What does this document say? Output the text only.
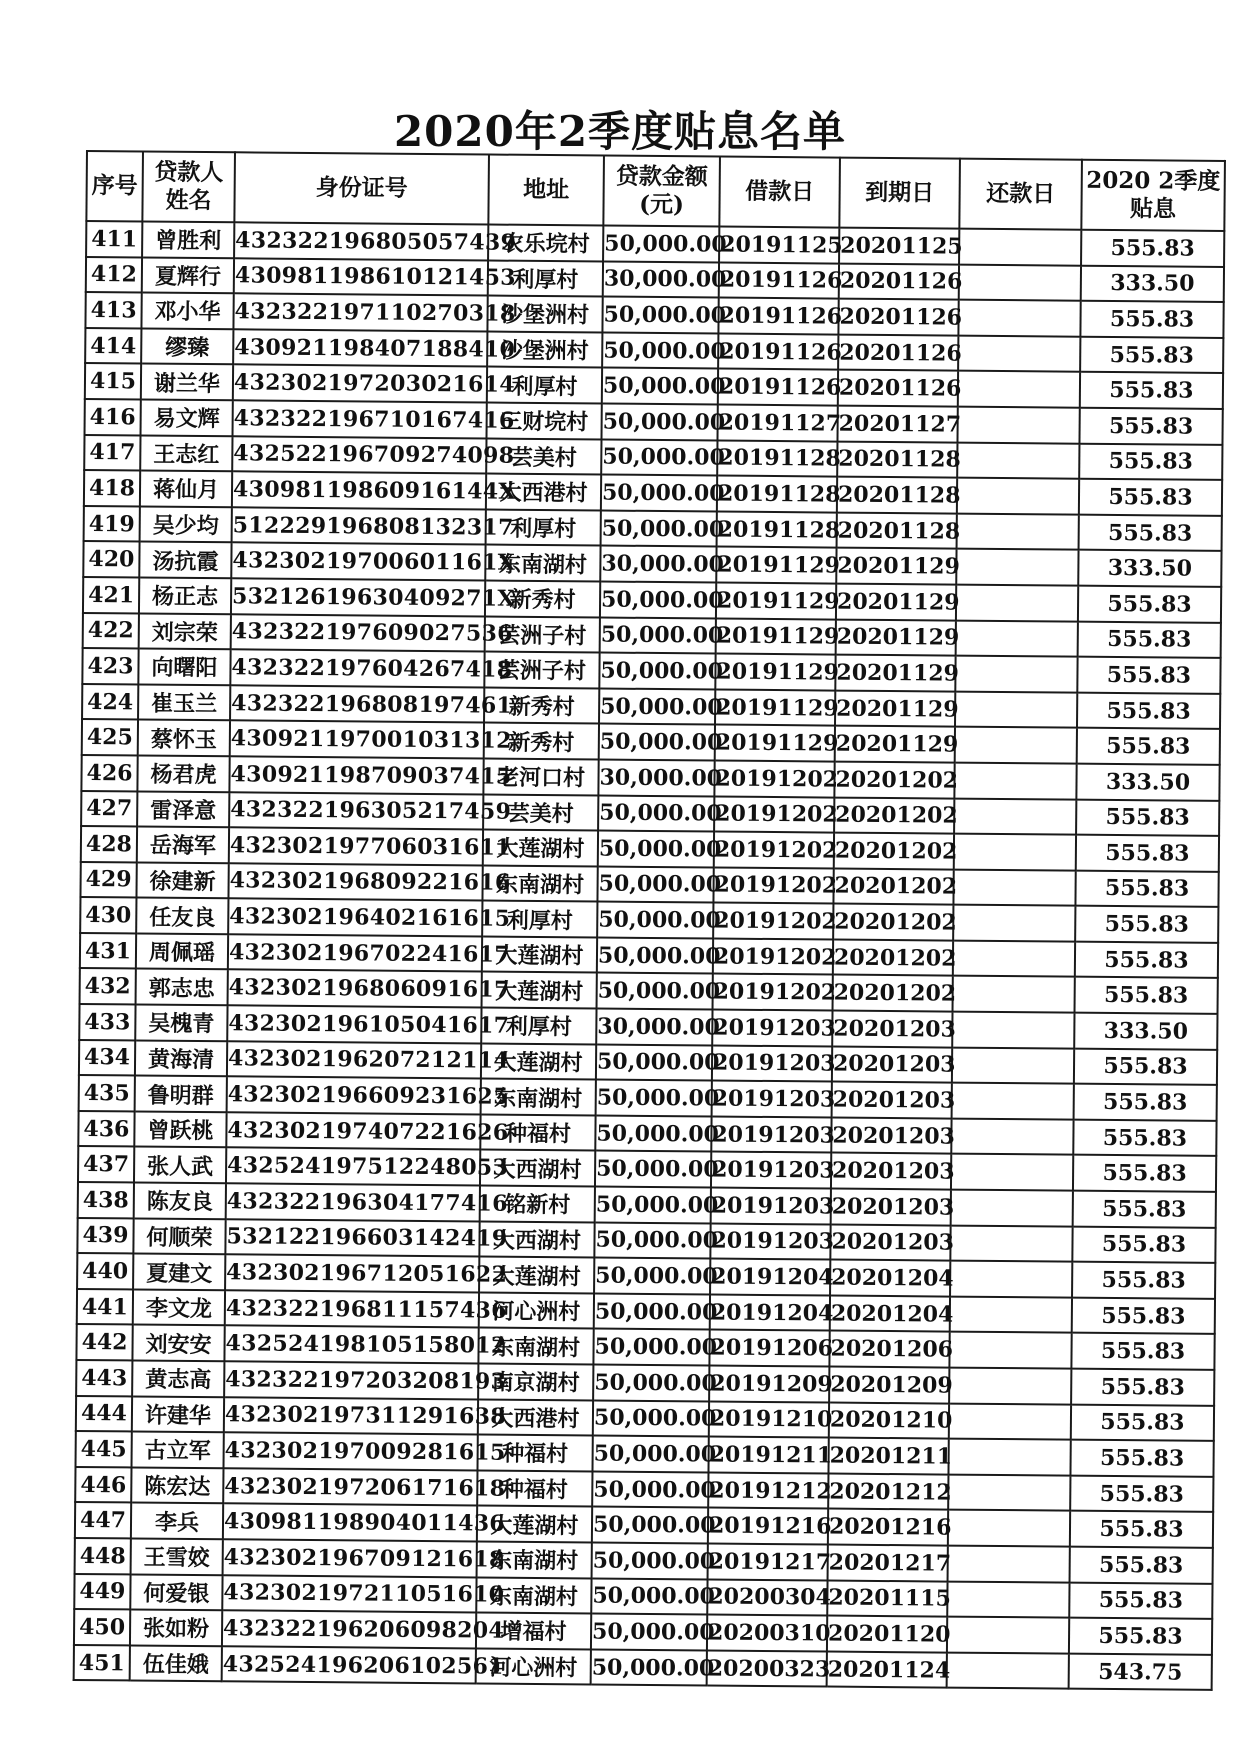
2020年2季度贴息名单
序号	贷款人姓名	身份证号	地址	贷款金额(元)	借款日	到期日	还款日	2020 2季度贴息
411	曾胜利	432322196805057439	农乐垸村	50,000.00	20191125	20201125		555.83
412	夏辉行	430981198610121453	利厚村	30,000.00	20191126	20201126		333.50
413	邓小华	432322197110270318	沙堡洲村	50,000.00	20191126	20201126		555.83
414	缪臻	430921198407188410	沙堡洲村	50,000.00	20191126	20201126		555.83
415	谢兰华	432302197203021614	利厚村	50,000.00	20191126	20201126		555.83
416	易文辉	432322196710167416	三财垸村	50,000.00	20191127	20201127		555.83
417	王志红	432522196709274098	芸美村	50,000.00	20191128	20201128		555.83
418	蒋仙月	43098119860916144X	大西港村	50,000.00	20191128	20201128		555.83
419	吴少均	512229196808132317	利厚村	50,000.00	20191128	20201128		555.83
420	汤抗霞	43230219700601161X	东南湖村	30,000.00	20191129	20201129		333.50
421	杨正志	53212619630409271X	新秀村	50,000.00	20191129	20201129		555.83
422	刘宗荣	432322197609027536	芸洲子村	50,000.00	20191129	20201129		555.83
423	向曙阳	432322197604267418	芸洲子村	50,000.00	20191129	20201129		555.83
424	崔玉兰	432322196808197461	新秀村	50,000.00	20191129	20201129		555.83
425	蔡怀玉	430921197001031312	新秀村	50,000.00	20191129	20201129		555.83
426	杨君虎	430921198709037415	老河口村	30,000.00	20191202	20201202		333.50
427	雷泽意	432322196305217459	芸美村	50,000.00	20191202	20201202		555.83
428	岳海军	432302197706031611	大莲湖村	50,000.00	20191202	20201202		555.83
429	徐建新	432302196809221616	东南湖村	50,000.00	20191202	20201202		555.83
430	任友良	432302196402161615	利厚村	50,000.00	20191202	20201202		555.83
431	周佩瑶	432302196702241617	大莲湖村	50,000.00	20191202	20201202		555.83
432	郭志忠	432302196806091617	大莲湖村	50,000.00	20191202	20201202		555.83
433	吴槐青	432302196105041617	利厚村	30,000.00	20191203	20201203		333.50
434	黄海清	432302196207212114	大莲湖村	50,000.00	20191203	20201203		555.83
435	鲁明群	432302196609231625	东南湖村	50,000.00	20191203	20201203		555.83
436	曾跃桃	432302197407221626	种福村	50,000.00	20191203	20201203		555.83
437	张人武	432524197512248053	大西湖村	50,000.00	20191203	20201203		555.83
438	陈友良	432322196304177416	铭新村	50,000.00	20191203	20201203		555.83
439	何顺荣	532122196603142419	大西湖村	50,000.00	20191203	20201203		555.83
440	夏建文	432302196712051622	大莲湖村	50,000.00	20191204	20201204		555.83
441	李文龙	432322196811157436	河心洲村	50,000.00	20191204	20201204		555.83
442	刘安安	432524198105158012	东南湖村	50,000.00	20191206	20201206		555.83
443	黄志高	432322197203208193	南京湖村	50,000.00	20191209	20201209		555.83
444	许建华	432302197311291638	大西港村	50,000.00	20191210	20201210		555.83
445	古立军	432302197009281615	种福村	50,000.00	20191211	20201211		555.83
446	陈宏达	432302197206171618	种福村	50,000.00	20191212	20201212		555.83
447	李兵	430981198904011436	大莲湖村	50,000.00	20191216	20201216		555.83
448	王雪姣	432302196709121618	东南湖村	50,000.00	20191217	20201217		555.83
449	何爱银	432302197211051610	东南湖村	50,000.00	20200304	20201115		555.83
450	张如粉	432322196206098204	增福村	50,000.00	20200310	20201120		555.83
451	伍佳娥	432524196206102561	河心洲村	50,000.00	20200323	20201124		543.75
